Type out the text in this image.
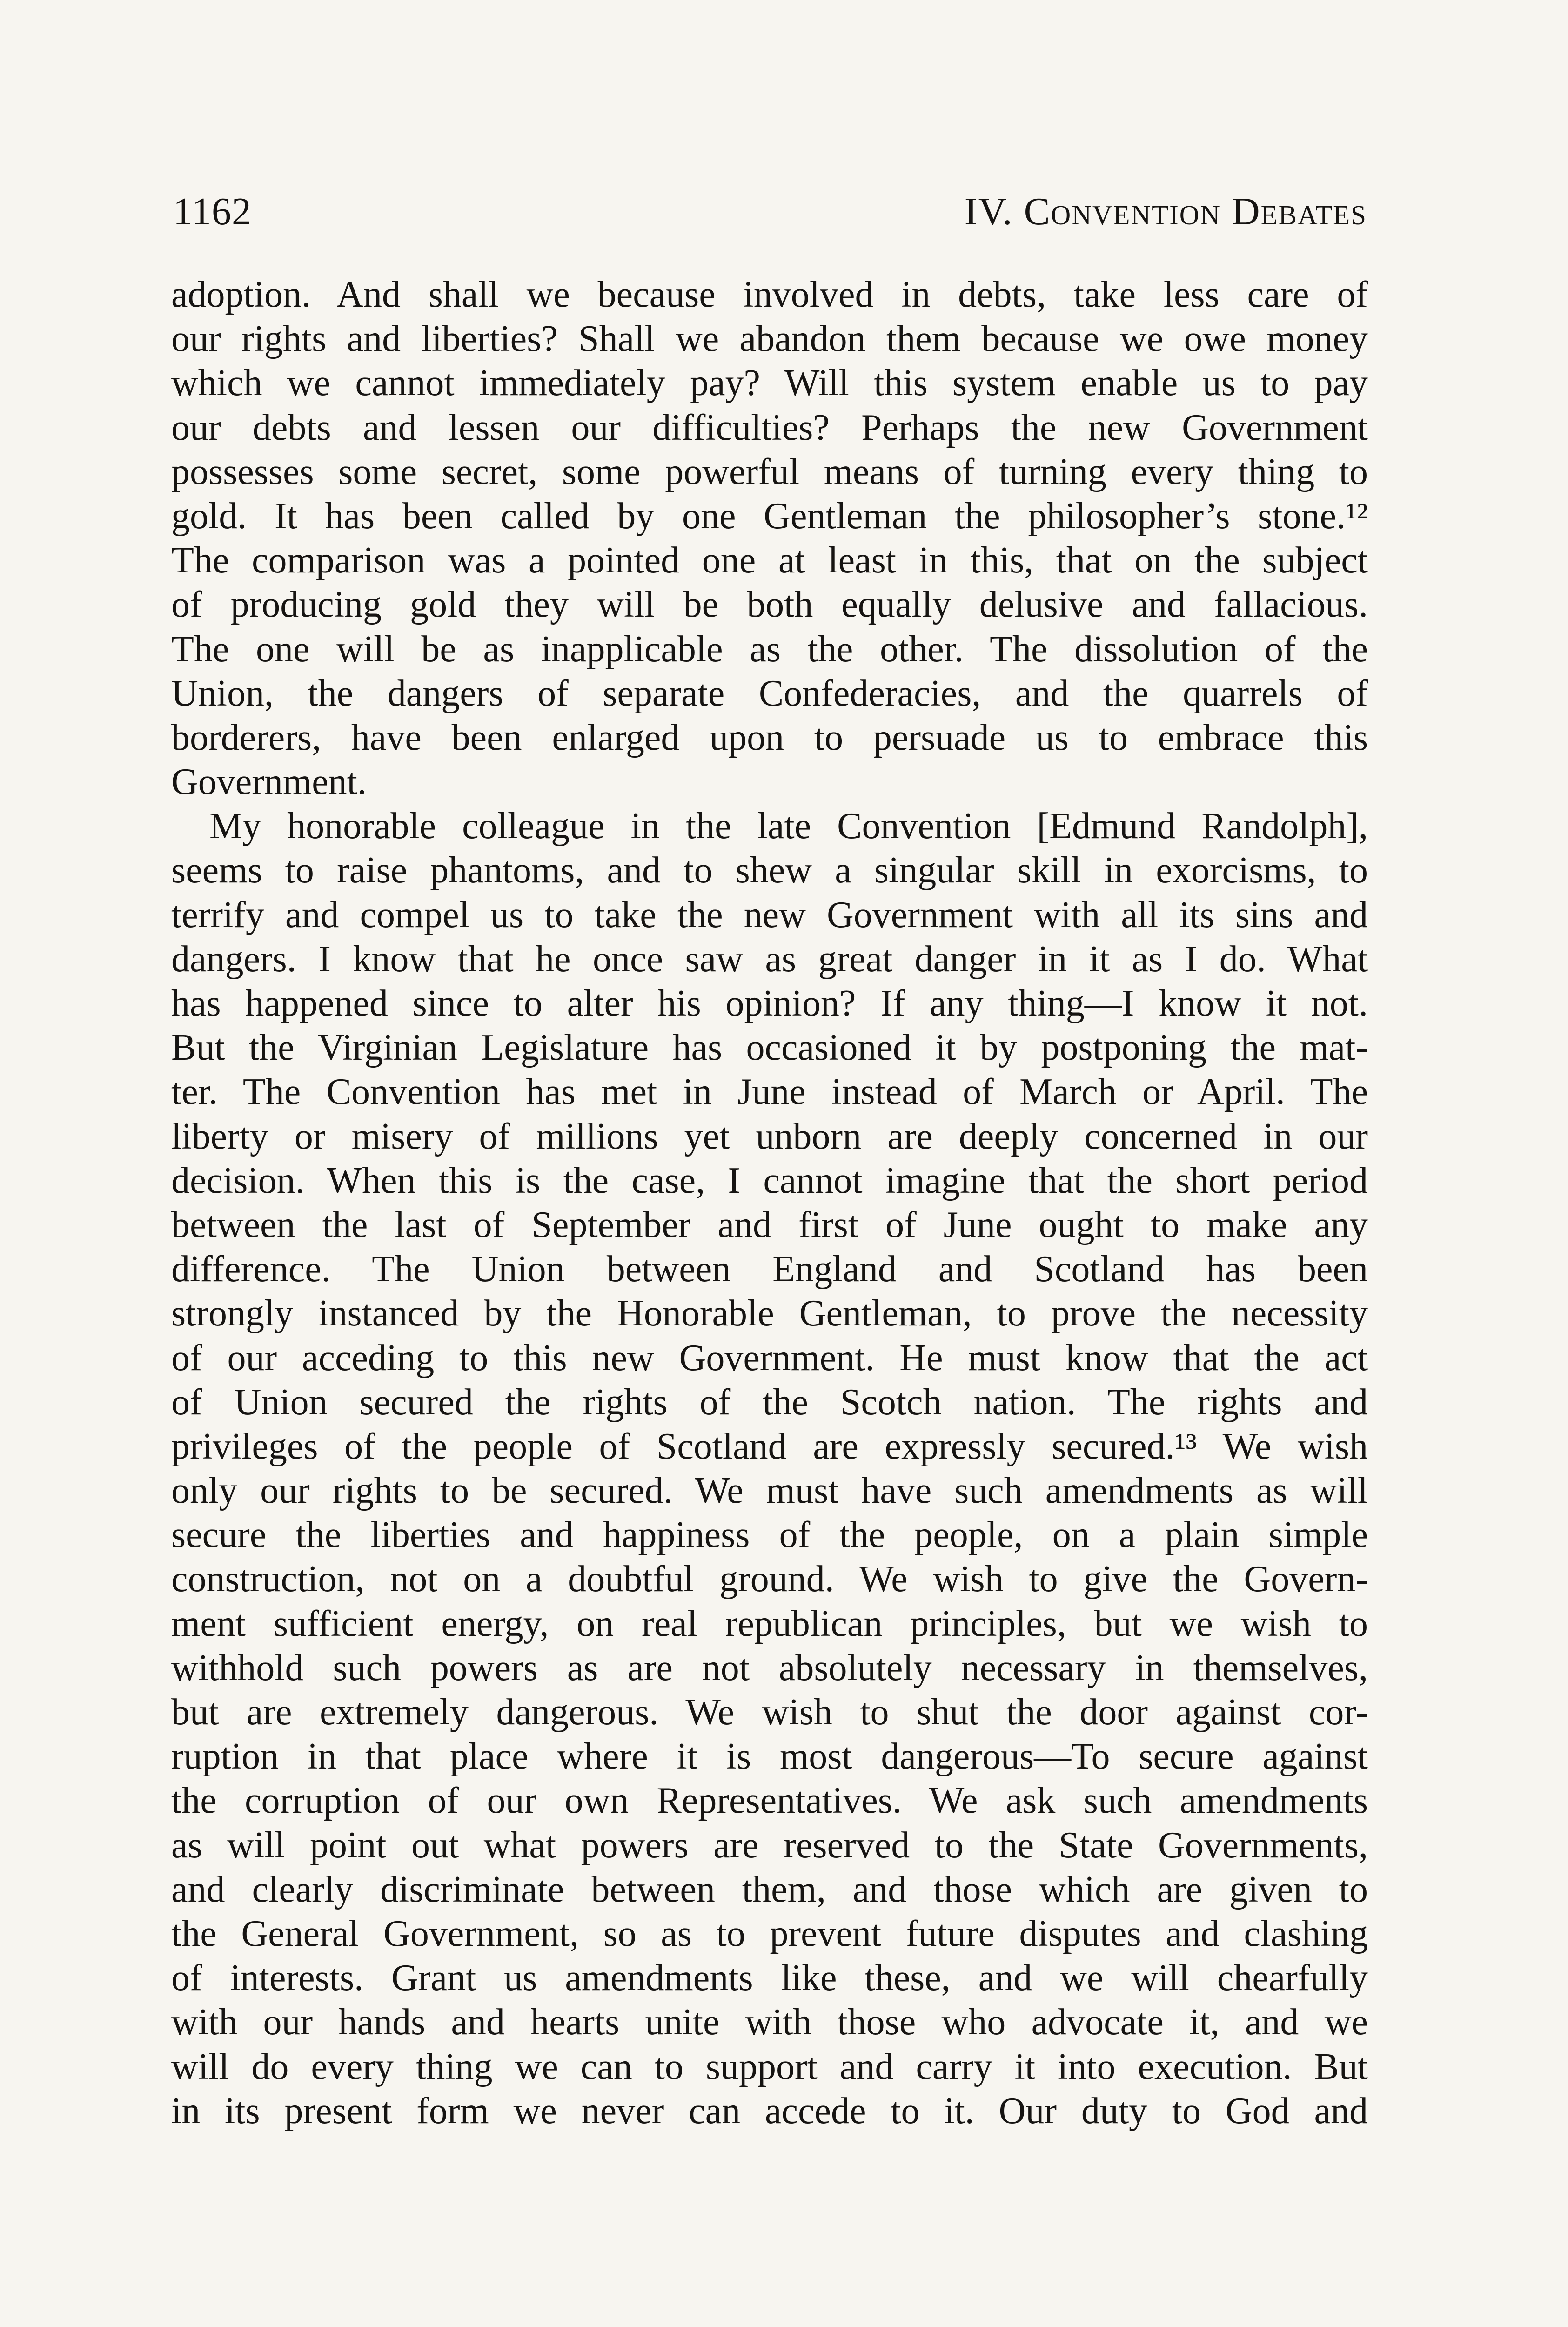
1162	IV. Convention Debates
adoption. And shall we because involved in debts, take less care of
our rights and liberties? Shall we abandon them because we owe money
which we cannot immediately pay? Will this system enable us to pay
our debts and lessen our difficulties? Perhaps the new Government
possesses some secret, some powerful means of turning every thing to
gold. It has been called by one Gentleman the philosopher’s stone.¹²
The comparison was a pointed one at least in this, that on the subject
of producing gold they will be both equally delusive and fallacious.
The one will be as inapplicable as the other. The dissolution of the
Union, the dangers of separate Confederacies, and the quarrels of
borderers, have been enlarged upon to persuade us to embrace this
Government.
My honorable colleague in the late Convention [Edmund Randolph],
seems to raise phantoms, and to shew a singular skill in exorcisms, to
terrify and compel us to take the new Government with all its sins and
dangers. I know that he once saw as great danger in it as I do. What
has happened since to alter his opinion? If any thing—I know it not.
But the Virginian Legislature has occasioned it by postponing the mat-
ter. The Convention has met in June instead of March or April. The
liberty or misery of millions yet unborn are deeply concerned in our
decision. When this is the case, I cannot imagine that the short period
between the last of September and first of June ought to make any
difference. The Union between England and Scotland has been
strongly instanced by the Honorable Gentleman, to prove the necessity
of our acceding to this new Government. He must know that the act
of Union secured the rights of the Scotch nation. The rights and
privileges of the people of Scotland are expressly secured.¹³ We wish
only our rights to be secured. We must have such amendments as will
secure the liberties and happiness of the people, on a plain simple
construction, not on a doubtful ground. We wish to give the Govern-
ment sufficient energy, on real republican principles, but we wish to
withhold such powers as are not absolutely necessary in themselves,
but are extremely dangerous. We wish to shut the door against cor-
ruption in that place where it is most dangerous—To secure against
the corruption of our own Representatives. We ask such amendments
as will point out what powers are reserved to the State Governments,
and clearly discriminate between them, and those which are given to
the General Government, so as to prevent future disputes and clashing
of interests. Grant us amendments like these, and we will chearfully
with our hands and hearts unite with those who advocate it, and we
will do every thing we can to support and carry it into execution. But
in its present form we never can accede to it. Our duty to God and
